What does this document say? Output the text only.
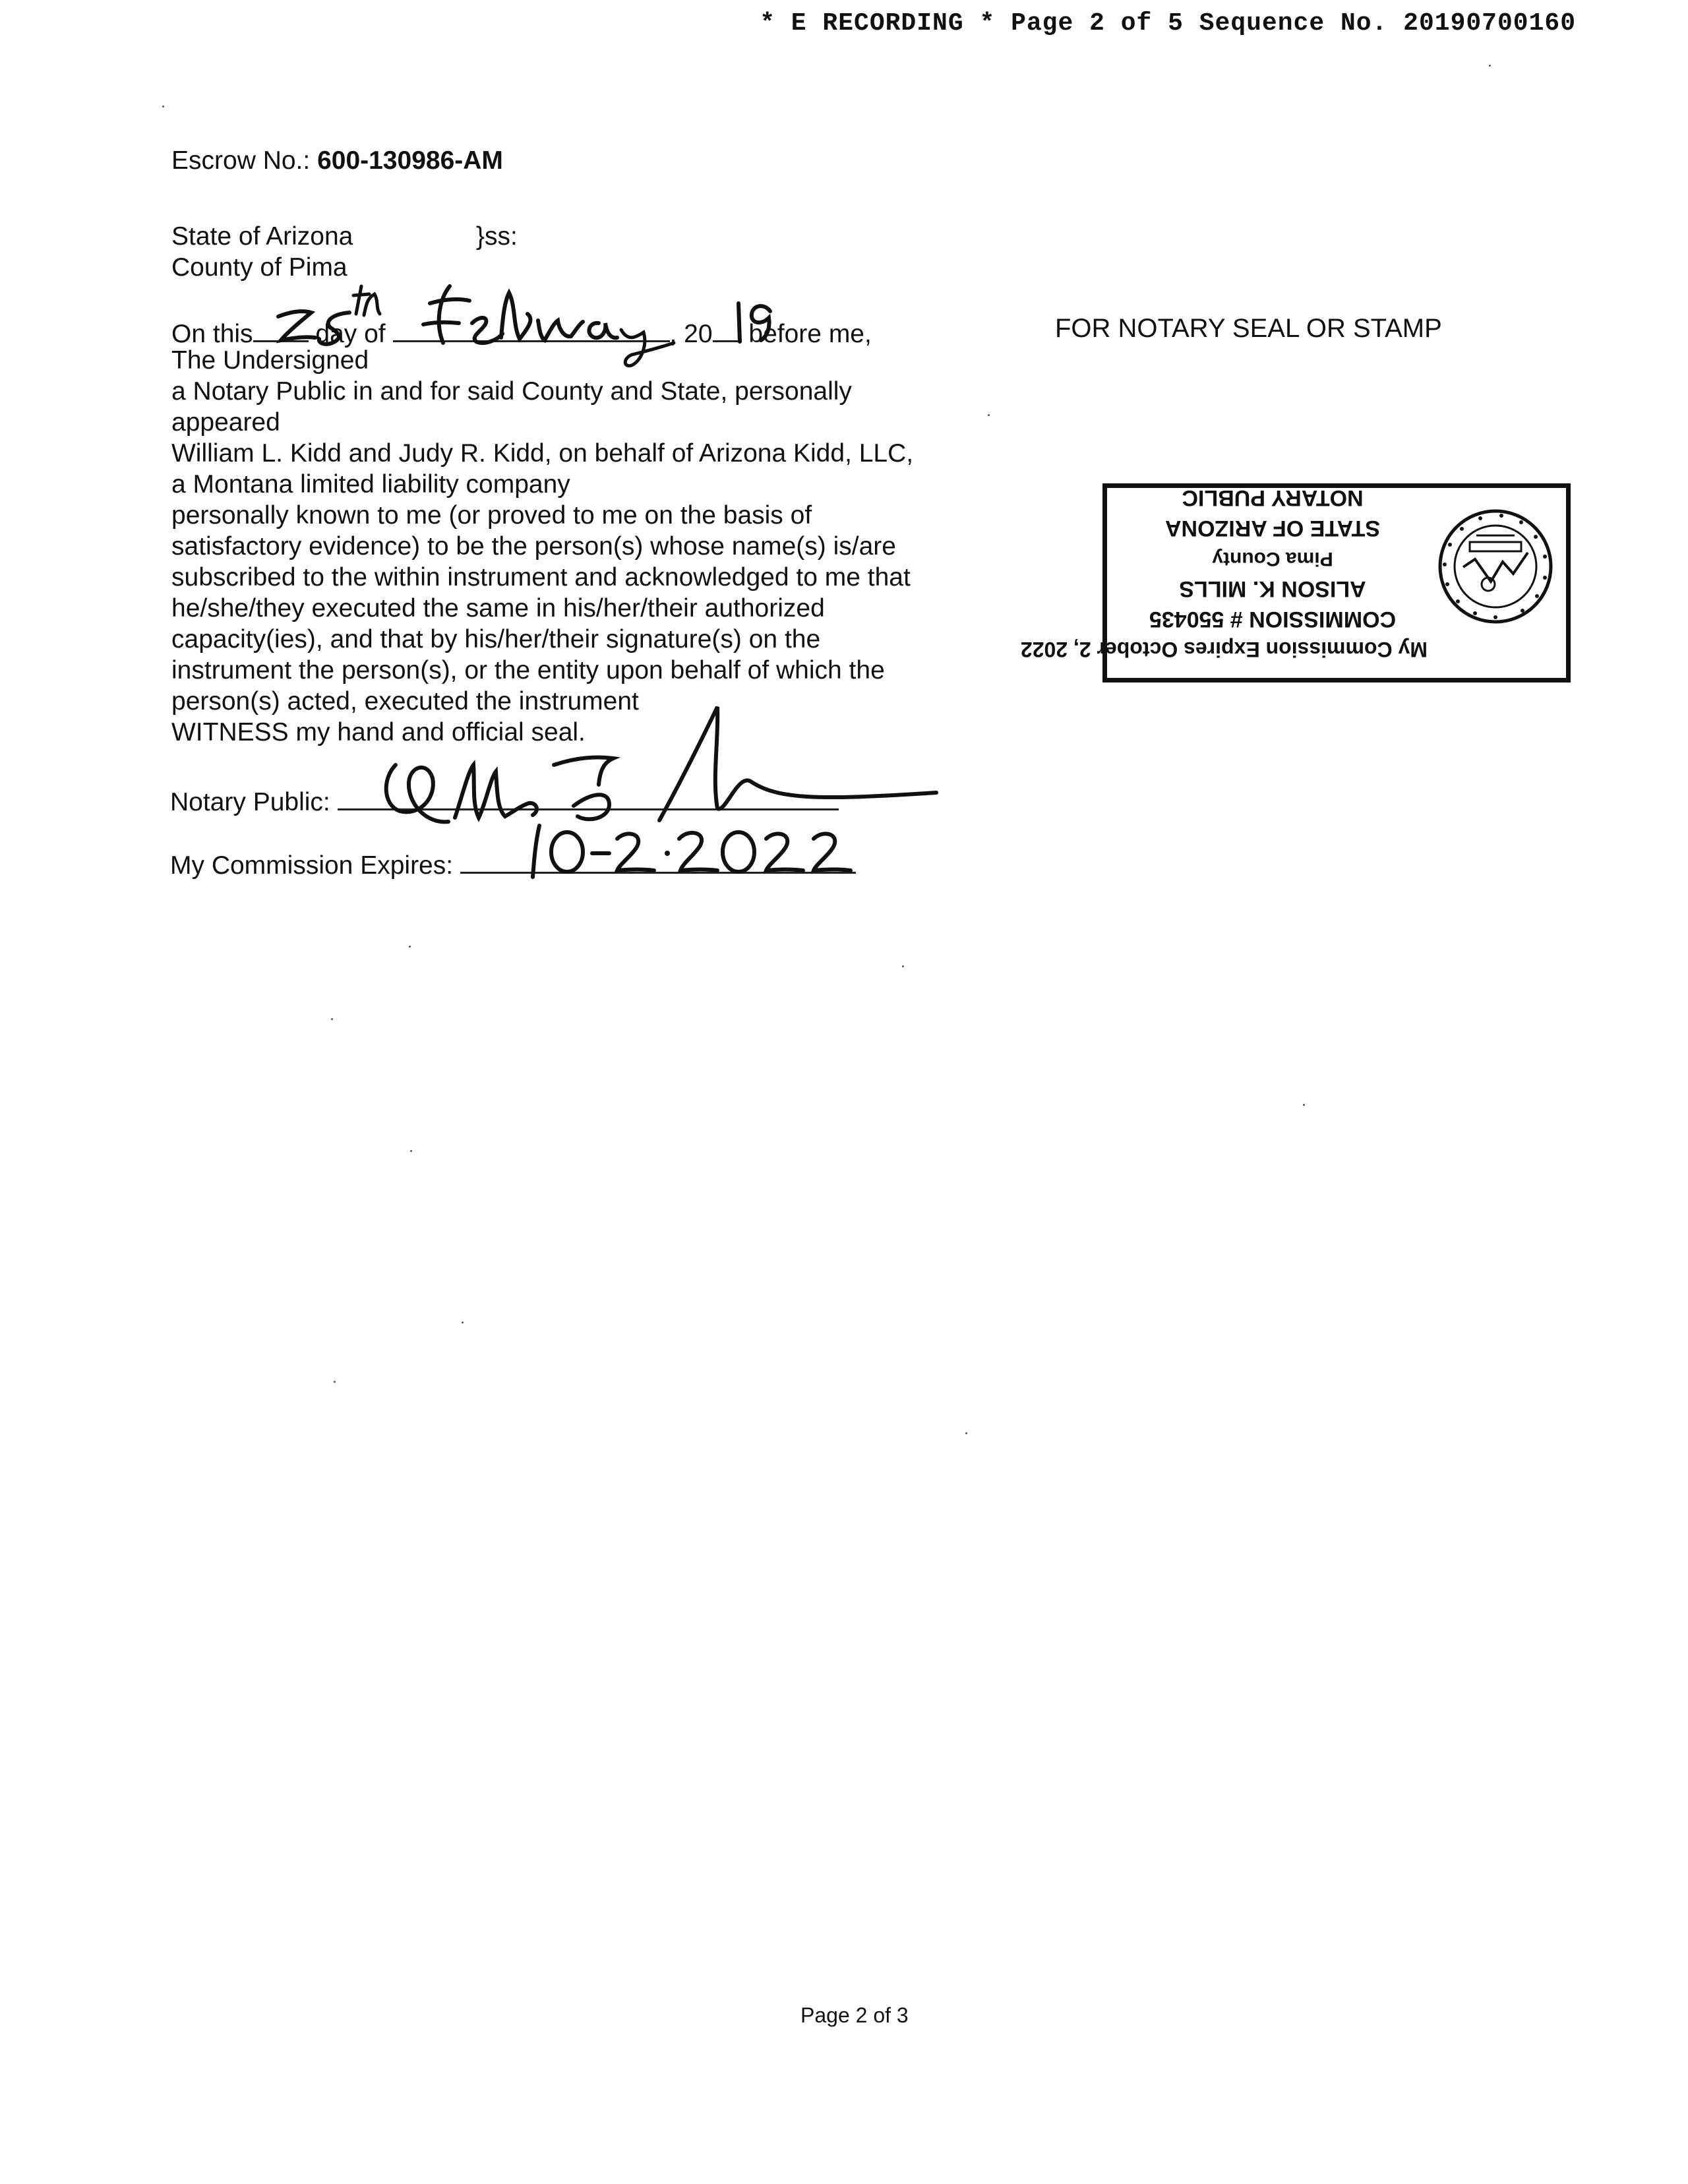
* E RECORDING * Page 2 of 5 Sequence No. 20190700160
Escrow No.: 600-130986-AM
State of Arizona	}ss:
County of Pima
On this day of	, 20 before me,
The Undersigned
a Notary Public in and for said County and State, personally
appeared
William L. Kidd and Judy R. Kidd, on behalf of Arizona Kidd, LLC,
a Montana limited liability company
personally known to me (or proved to me on the basis of
satisfactory evidence) to be the person(s) whose name(s) is/are
subscribed to the within instrument and acknowledged to me that
he/she/they executed the same in his/her/their authorized
capacity(ies), and that by his/her/their signature(s) on the
instrument the person(s), or the entity upon behalf of which the
person(s) acted, executed the instrument
WITNESS my hand and official seal.
Notary Public:
My Commission Expires:
FOR NOTARY SEAL OR STAMP
My Commission Expires October 2, 2022
COMMISSION # 550435
ALISON K. MILLS
Pima County
STATE OF ARIZONA
NOTARY PUBLIC
Page 2 of 3
